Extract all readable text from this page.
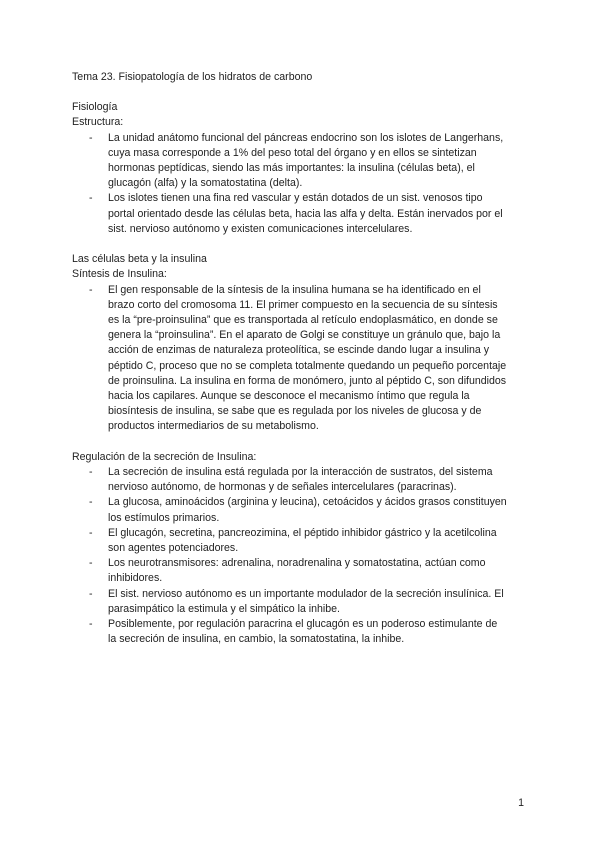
Tema 23. Fisiopatología de los hidratos de carbono

Fisiología

Estructura:

- La unidad anátomo funcional del páncreas endocrino son los islotes de Langerhans,
cuya masa corresponde a 1% del peso total del órgano y en ellos se sintetizan
hormonas peptídicas, siendo las más importantes: la insulina (células beta), el
glucagón (alfa) y la somatostatina (delta).
- Los islotes tienen una fina red vascular y están dotados de un sist. venosos tipo
portal orientado desde las células beta, hacia las alfa y delta. Están inervados por el
sist. nervioso autónomo y existen comunicaciones intercelulares.

Las células beta y la insulina

Síntesis de Insulina:

- El gen responsable de la síntesis de la insulina humana se ha identificado en el
brazo corto del cromosoma 11. El primer compuesto en la secuencia de su síntesis
es la “pre-proinsulina” que es transportada al retículo endoplasmático, en donde se
genera la “proinsulina”. En el aparato de Golgi se constituye un gránulo que, bajo la
acción de enzimas de naturaleza proteolítica, se escinde dando lugar a insulina y
péptido C, proceso que no se completa totalmente quedando un pequeño porcentaje
de proinsulina. La insulina en forma de monómero, junto al péptido C, son difundidos
hacia los capilares. Aunque se desconoce el mecanismo íntimo que regula la
biosíntesis de insulina, se sabe que es regulada por los niveles de glucosa y de
productos intermediarios de su metabolismo.

Regulación de la secreción de Insulina:

- La secreción de insulina está regulada por la interacción de sustratos, del sistema
nervioso autónomo, de hormonas y de señales intercelulares (paracrinas).
- La glucosa, aminoácidos (arginina y leucina), cetoácidos y ácidos grasos constituyen
los estímulos primarios.
- El glucagón, secretina, pancreozimina, el péptido inhibidor gástrico y la acetilcolina
son agentes potenciadores.
- Los neurotransmisores: adrenalina, noradrenalina y somatostatina, actúan como
inhibidores.
- El sist. nervioso autónomo es un importante modulador de la secreción insulínica. El
parasimpático la estimula y el simpático la inhibe.
- Posiblemente, por regulación paracrina el glucagón es un poderoso estimulante de
la secreción de insulina, en cambio, la somatostatina, la inhibe.
1
